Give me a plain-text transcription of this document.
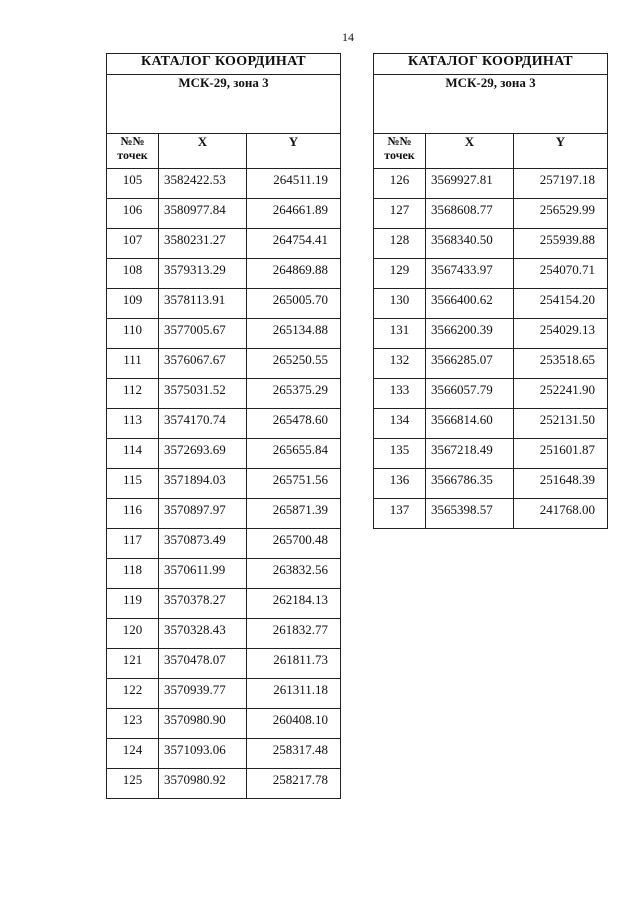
14
КАТАЛОГ КООРДИНАТ		
МСК-29, зона 3		
№№ точек	X	Y
105	3582422.53	264511.19
106	3580977.84	264661.89
107	3580231.27	264754.41
108	3579313.29	264869.88
109	3578113.91	265005.70
110	3577005.67	265134.88
111	3576067.67	265250.55
112	3575031.52	265375.29
113	3574170.74	265478.60
114	3572693.69	265655.84
115	3571894.03	265751.56
116	3570897.97	265871.39
117	3570873.49	265700.48
118	3570611.99	263832.56
119	3570378.27	262184.13
120	3570328.43	261832.77
121	3570478.07	261811.73
122	3570939.77	261311.18
123	3570980.90	260408.10
124	3571093.06	258317.48
125	3570980.92	258217.78
КАТАЛОГ КООРДИНАТ		
МСК-29, зона 3		
№№ точек	X	Y
126	3569927.81	257197.18
127	3568608.77	256529.99
128	3568340.50	255939.88
129	3567433.97	254070.71
130	3566400.62	254154.20
131	3566200.39	254029.13
132	3566285.07	253518.65
133	3566057.79	252241.90
134	3566814.60	252131.50
135	3567218.49	251601.87
136	3566786.35	251648.39
137	3565398.57	241768.00
